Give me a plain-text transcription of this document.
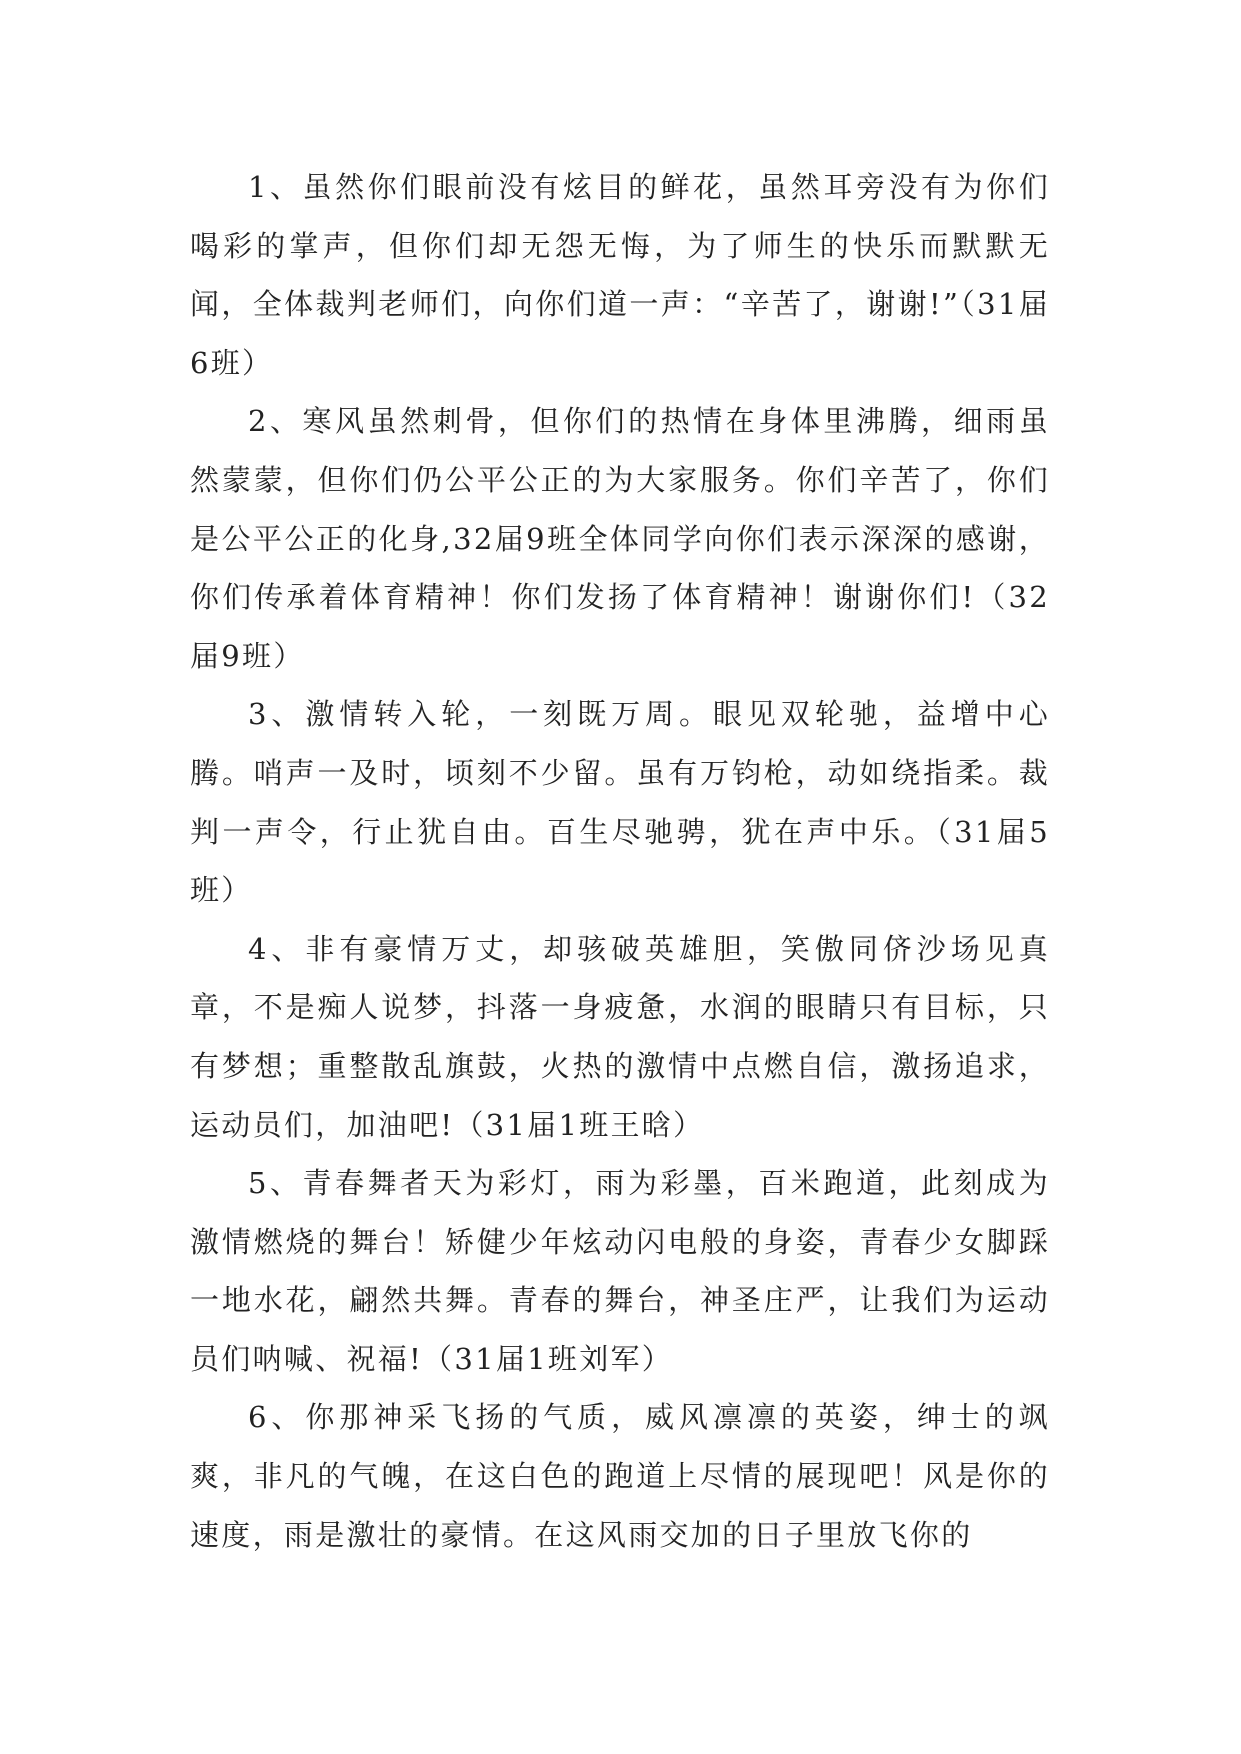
1、虽然你们眼前没有炫目的鲜花，虽然耳旁没有为你们喝彩的掌声，但你们却无怨无悔，为了师生的快乐而默默无闻，全体裁判老师们，向你们道一声：“辛苦了，谢谢!”（31届6班）

2、寒风虽然刺骨，但你们的热情在身体里沸腾，细雨虽然蒙蒙，但你们仍公平公正的为大家服务。你们辛苦了，你们是公平公正的化身,32届9班全体同学向你们表示深深的感谢，你们传承着体育精神！你们发扬了体育精神！谢谢你们!（32届9班）

3、激情转入轮，一刻既万周。眼见双轮驰，益增中心腾。哨声一及时，顷刻不少留。虽有万钧枪，动如绕指柔。裁判一声令，行止犹自由。百生尽驰骋，犹在声中乐。（31届5班）

4、非有豪情万丈，却骇破英雄胆，笑傲同侪沙场见真章，不是痴人说梦，抖落一身疲惫，水润的眼睛只有目标，只有梦想；重整散乱旗鼓，火热的激情中点燃自信，激扬追求，运动员们，加油吧!（31届1班王晗）

5、青春舞者天为彩灯，雨为彩墨，百米跑道，此刻成为激情燃烧的舞台！矫健少年炫动闪电般的身姿，青春少女脚踩一地水花，翩然共舞。青春的舞台，神圣庄严，让我们为运动员们呐喊、祝福!（31届1班刘军）

6、你那神采飞扬的气质，威风凛凛的英姿，绅士的飒爽，非凡的气魄，在这白色的跑道上尽情的展现吧！风是你的速度，雨是激壮的豪情。在这风雨交加的日子里放飞你的
